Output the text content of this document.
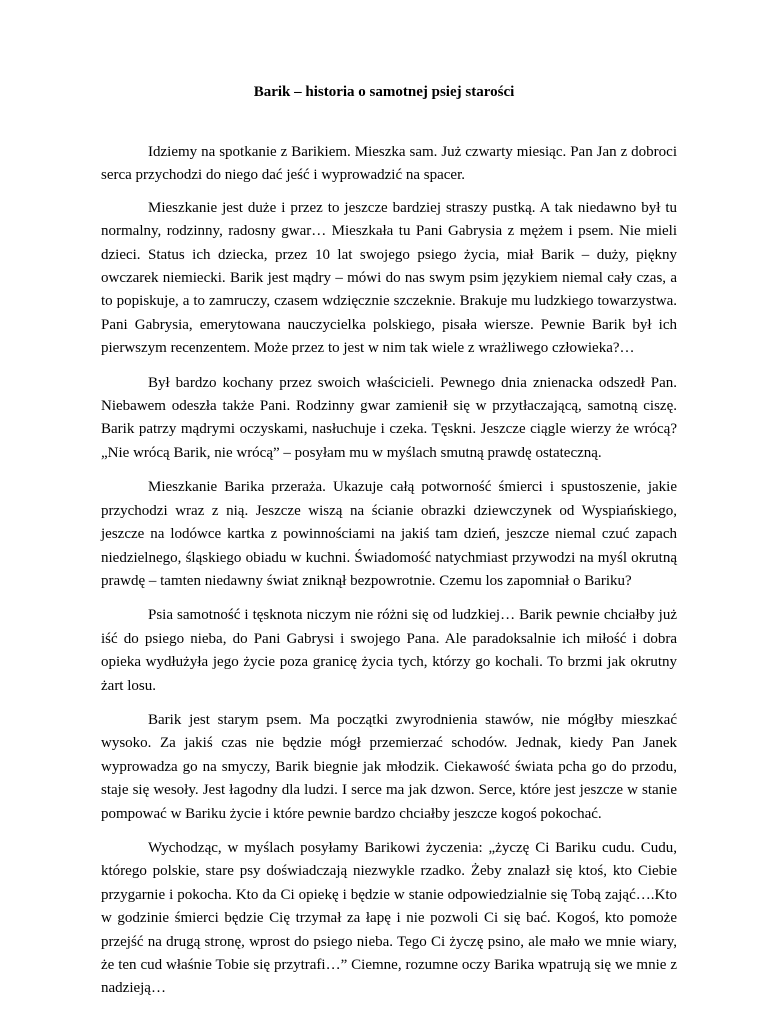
Barik – historia o samotnej psiej starości

Idziemy na spotkanie z Barikiem. Mieszka sam. Już czwarty miesiąc. Pan Jan z dobroci serca przychodzi do niego dać jeść i wyprowadzić na spacer.

Mieszkanie jest duże i przez to jeszcze bardziej straszy pustką. A tak niedawno był tu normalny, rodzinny, radosny gwar… Mieszkała tu Pani Gabrysia z mężem i psem. Nie mieli dzieci. Status ich dziecka, przez 10 lat swojego psiego życia, miał Barik – duży, piękny owczarek niemiecki. Barik jest mądry – mówi do nas swym psim językiem niemal cały czas, a to popiskuje, a to zamruczy, czasem wdzięcznie szczeknie. Brakuje mu ludzkiego towarzystwa. Pani Gabrysia, emerytowana nauczycielka polskiego, pisała wiersze. Pewnie Barik był ich pierwszym recenzentem. Może przez to jest w nim tak wiele z wrażliwego człowieka?…

Był bardzo kochany przez swoich właścicieli. Pewnego dnia znienacka odszedł Pan. Niebawem odeszła także Pani. Rodzinny gwar zamienił się w przytłaczającą, samotną ciszę. Barik patrzy mądrymi oczyskami, nasłuchuje i czeka. Tęskni. Jeszcze ciągle wierzy że wrócą? „Nie wrócą Barik, nie wrócą” – posyłam mu w myślach smutną prawdę ostateczną.

Mieszkanie Barika przeraża. Ukazuje całą potworność śmierci i spustoszenie, jakie przychodzi wraz z nią. Jeszcze wiszą na ścianie obrazki dziewczynek od Wyspiańskiego, jeszcze na lodówce kartka z powinnościami na jakiś tam dzień, jeszcze niemal czuć zapach niedzielnego, śląskiego obiadu w kuchni. Świadomość natychmiast przywodzi na myśl okrutną prawdę – tamten niedawny świat zniknął bezpowrotnie. Czemu los zapomniał o Bariku?

Psia samotność i tęsknota niczym nie różni się od ludzkiej… Barik pewnie chciałby już iść do psiego nieba, do Pani Gabrysi i swojego Pana. Ale paradoksalnie ich miłość i dobra opieka wydłużyła jego życie poza granicę życia tych, którzy go kochali. To brzmi jak okrutny żart losu.

Barik jest starym psem. Ma początki zwyrodnienia stawów, nie mógłby mieszkać wysoko. Za jakiś czas nie będzie mógł przemierzać schodów. Jednak, kiedy Pan Janek wyprowadza go na smyczy, Barik biegnie jak młodzik. Ciekawość świata pcha go do przodu, staje się wesoły. Jest łagodny dla ludzi. I serce ma jak dzwon. Serce, które jest jeszcze w stanie pompować w Bariku życie i które pewnie bardzo chciałby jeszcze kogoś pokochać.

Wychodząc, w myślach posyłamy Barikowi życzenia: „życzę Ci Bariku cudu. Cudu, którego polskie, stare psy doświadczają niezwykle rzadko. Żeby znalazł się ktoś, kto Ciebie przygarnie i pokocha. Kto da Ci opiekę i będzie w stanie odpowiedzialnie się Tobą zająć….Kto w godzinie śmierci będzie Cię trzymał za łapę i nie pozwoli Ci się bać. Kogoś, kto pomoże przejść na drugą stronę, wprost do psiego nieba. Tego Ci życzę psino, ale mało we mnie wiary, że ten cud właśnie Tobie się przytrafi…” Ciemne, rozumne oczy Barika wpatrują się we mnie z nadzieją…
